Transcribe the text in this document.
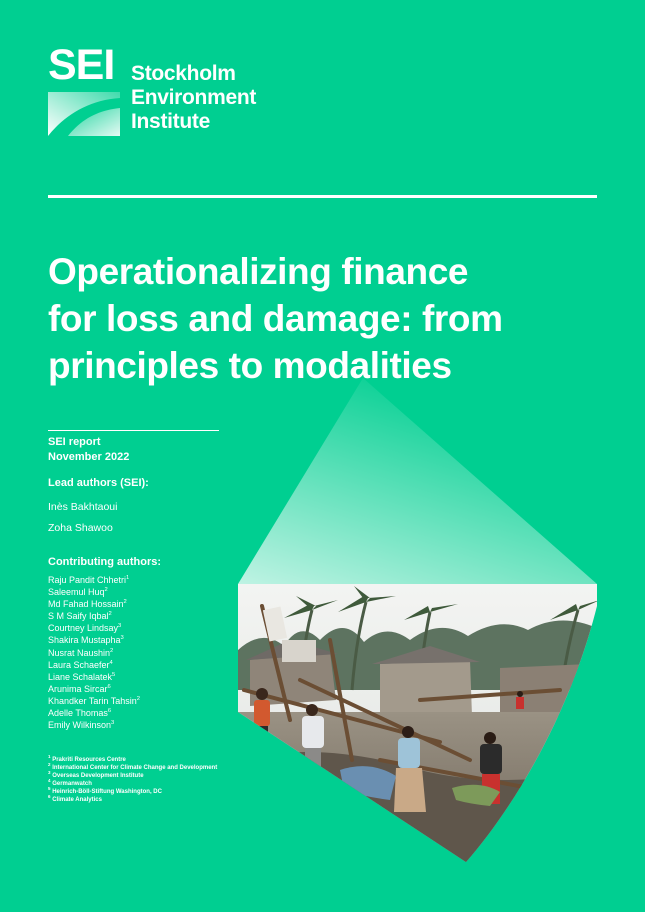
SEI Stockholm
Environment
Institute
Operationalizing finance
for loss and damage: from
principles to modalities
SEI report
November 2022
Lead authors (SEI):
Inès Bakhtaoui
Zoha Shawoo
Contributing authors:
Raju Pandit Chhetri$^1$
Saleemul Huq$^2$
Md Fahad Hossain$^2$
S M Saify Iqbal$^2$
Courtney Lindsay$^3$
Shakira Mustapha$^3$
Nusrat Naushin$^2$
Laura Schaefer$^4$
Liane Schalatek$^5$
Arunima Sircar$^6$
Khandker Tarin Tahsin$^2$
Adelle Thomas$^6$
Emily Wilkinson$^3$
$^1$ Prakriti Resources Centre
$^2$ International Center for Climate Change and Development
$^3$ Overseas Development Institute
$^4$ Germanwatch
$^5$ Heinrich-Böll-Stiftung Washington, DC
$^6$ Climate Analytics
